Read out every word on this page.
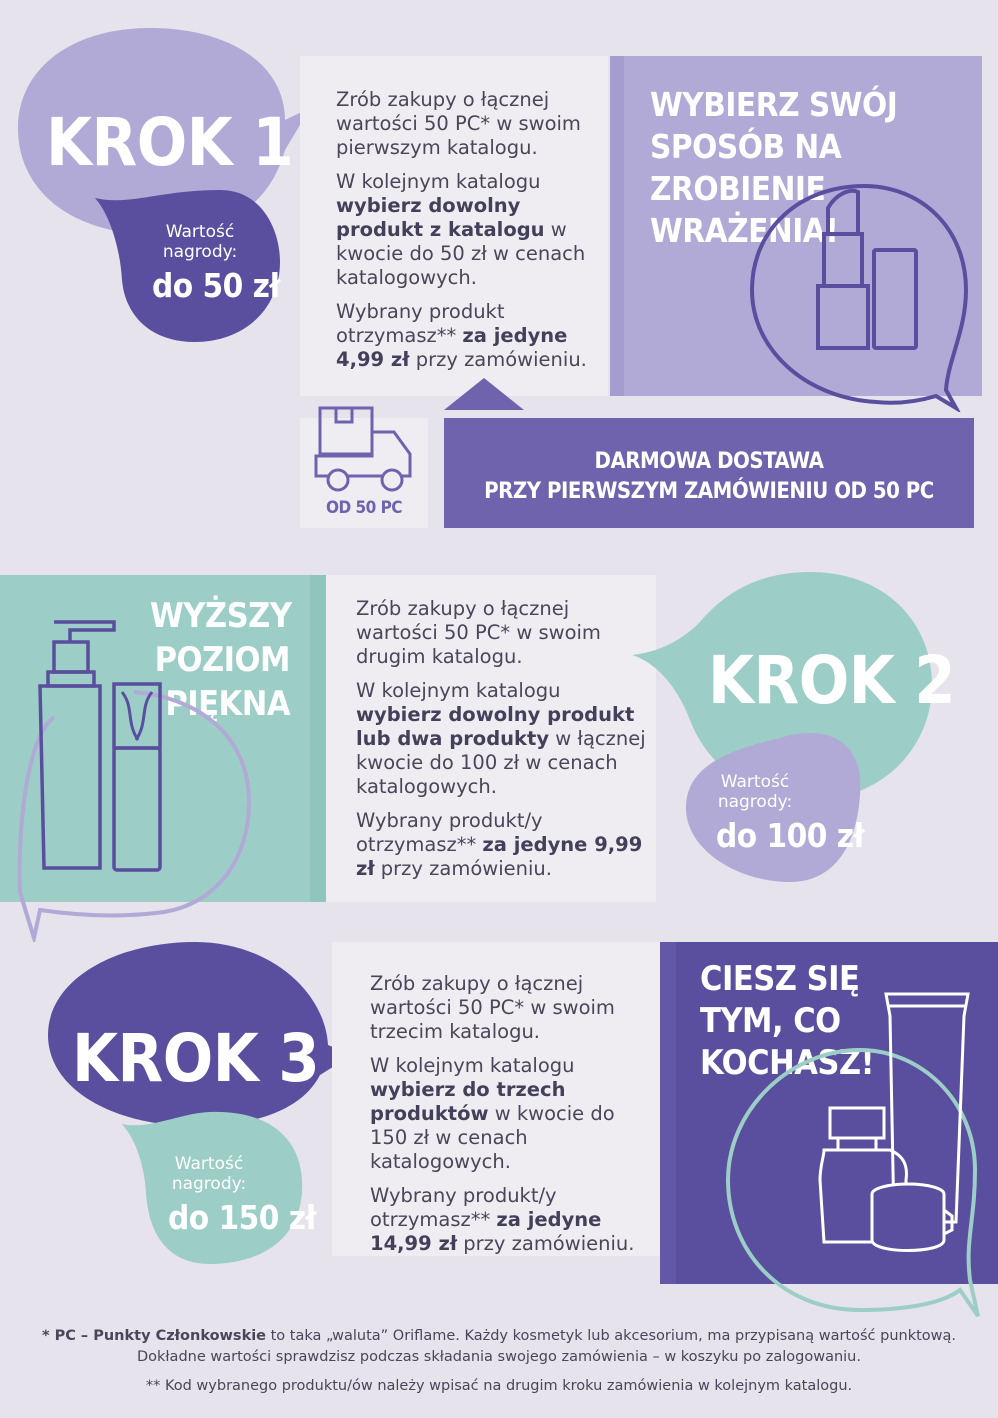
KROK 1
Wartość nagrody:
do 50 zł

Zrób zakupy o łącznej wartości 50 PC* w swoim pierwszym katalogu.

W kolejnym katalogu wybierz dowolny produkt z katalogu w kwocie do 50 zł w cenach katalogowych.

Wybrany produkt otrzymasz** za jedyne 4,99 zł przy zamówieniu.

WYBIERZ SWÓJ SPOSÓB NA ZROBIENIE WRAŻENIA!
OD 50 PC
DARMOWA DOSTAWA
PRZY PIERWSZYM ZAMÓWIENIU OD 50 PC
WYŻSZY POZIOM PIĘKNA

Zrób zakupy o łącznej wartości 50 PC* w swoim drugim katalogu.

W kolejnym katalogu wybierz dowolny produkt lub dwa produkty w łącznej kwocie do 100 zł w cenach katalogowych.

Wybrany produkt/y otrzymasz** za jedyne 9,99 zł przy zamówieniu.

KROK 2
Wartość nagrody:
do 100 zł
KROK 3
Wartość nagrody:
do 150 zł

Zrób zakupy o łącznej wartości 50 PC* w swoim trzecim katalogu.

W kolejnym katalogu wybierz do trzech produktów w kwocie do 150 zł w cenach katalogowych.

Wybrany produkt/y otrzymasz** za jedyne 14,99 zł przy zamówieniu.

CIESZ SIĘ TYM, CO KOCHASZ!
* PC – Punkty Członkowskie to taka „waluta” Oriflame. Każdy kosmetyk lub akcesorium, ma przypisaną wartość punktową.
Dokładne wartości sprawdzisz podczas składania swojego zamówienia – w koszyku po zalogowaniu.
** Kod wybranego produktu/ów należy wpisać na drugim kroku zamówienia w kolejnym katalogu.
